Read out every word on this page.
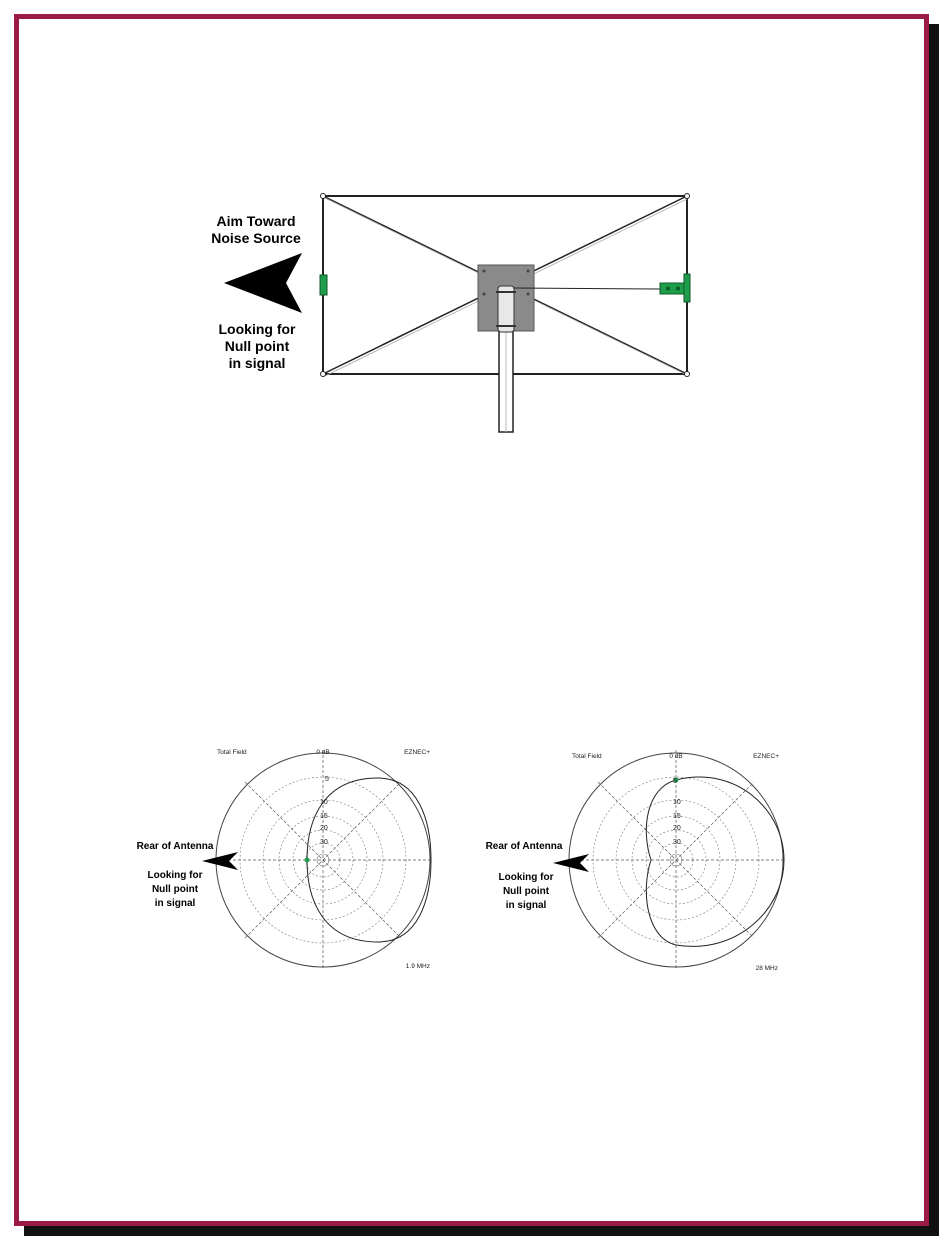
Aim Toward
Noise Source
Looking for
Null point
in signal
5
10
15
20
30
Total Field	0 dB	EZNEC+
1.9 MHz
Rear of Antenna
Looking for
Null point
in signal
5
10
15
20
30
Total Field	0 dB	EZNEC+
28 MHz
Rear of Antenna
Looking for
Null point
in signal
